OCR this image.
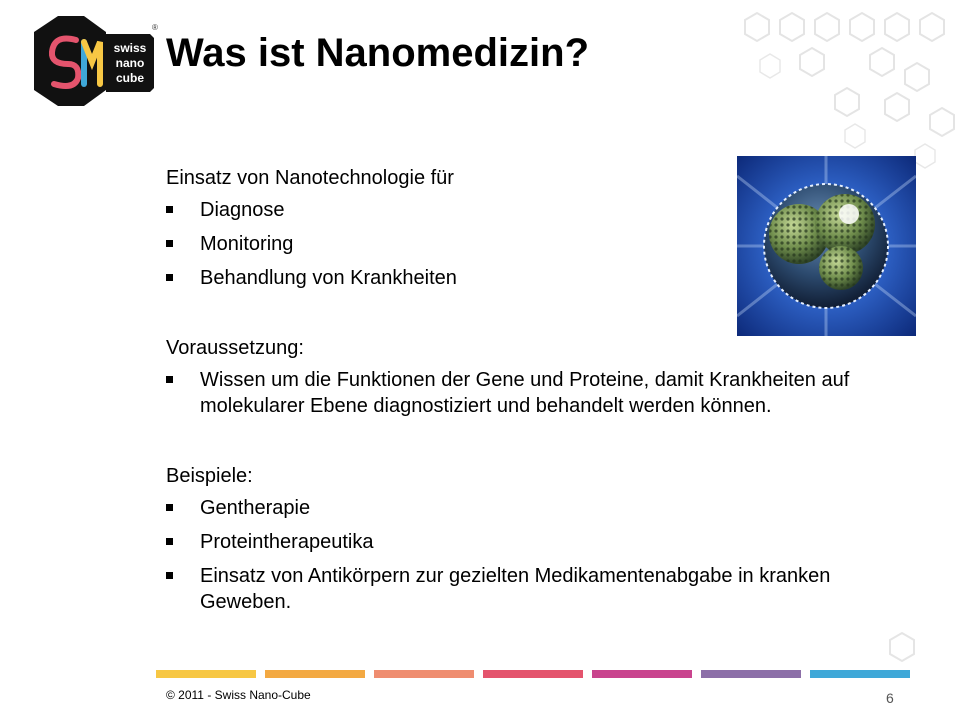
swiss
nano
cube
®
Was ist Nanomedizin?

Einsatz von Nanotechnologie für

Diagnose
Monitoring
Behandlung von Krankheiten

Voraussetzung:

Wissen um die Funktionen der Gene und Proteine, damit Krankheiten auf molekularer Ebene diagnostiziert und behandelt werden können.

Beispiele:

Gentherapie
Proteintherapeutika
Einsatz von Antikörpern zur gezielten Medikamentenabgabe in kranken Geweben.
© 2011 - Swiss Nano-Cube	6
